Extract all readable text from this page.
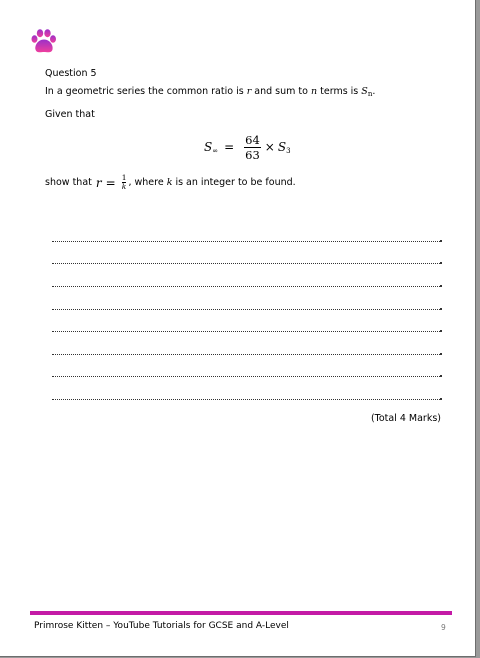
Question 5
In a geometric series the common ratio is r and sum to n terms is $S_n$.
Given that
$S_\infty = \frac{64}{63} \times S_3$
show that $r = \frac{1}{k}$ , where k is an integer to be found.
(Total 4 Marks)
Primrose Kitten – YouTube Tutorials for GCSE and A-Level	9
